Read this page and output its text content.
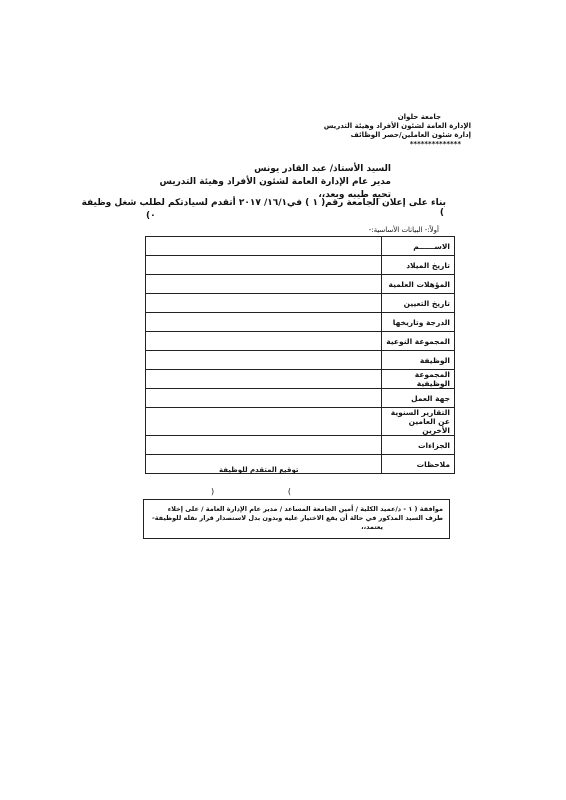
جامعة حلوان
الإدارة العامة لشئون الأفراد وهيئة التدريس
إدارة شئون العاملين/حصر الوظائف
**************
السيد الأستاذ/ عبد القادر يونس
مدير عام الإدارة العامة لشئون الأفراد وهيئة التدريس
تحيه طيبه وبعد،،
بناء على إعلان الجامعة رقم( ١ ) في١٦/١/ ٢٠١٧ أتقدم لسيادتكم لطلب شغل وظيفة
)
(٠
أولاً:- البيانات الأساسية:-
الاســــــم	
تاريخ الميلاد	
المؤهلات العلمية	
تاريخ التعيين	
الدرجة وتاريخها	
المجموعة النوعية	
الوظيفة	
المجموعة الوظيفية	
جهة العمل	
التقارير السنوية عن العامين الأخرين	
الجزاءات	
ملاحظات	
توقيع المتقدم للوظيفة
)	(
موافقة ( ١ - د/عميد الكلية / أمين الجامعة المساعد / مدير عام الإدارة العامة / على إخلاء طرف السيد المذكور في حالة أن يقع الاختيار عليه وبدون بدل لاستصدار قرار نقله للوظيفة-
يعتمد،،
